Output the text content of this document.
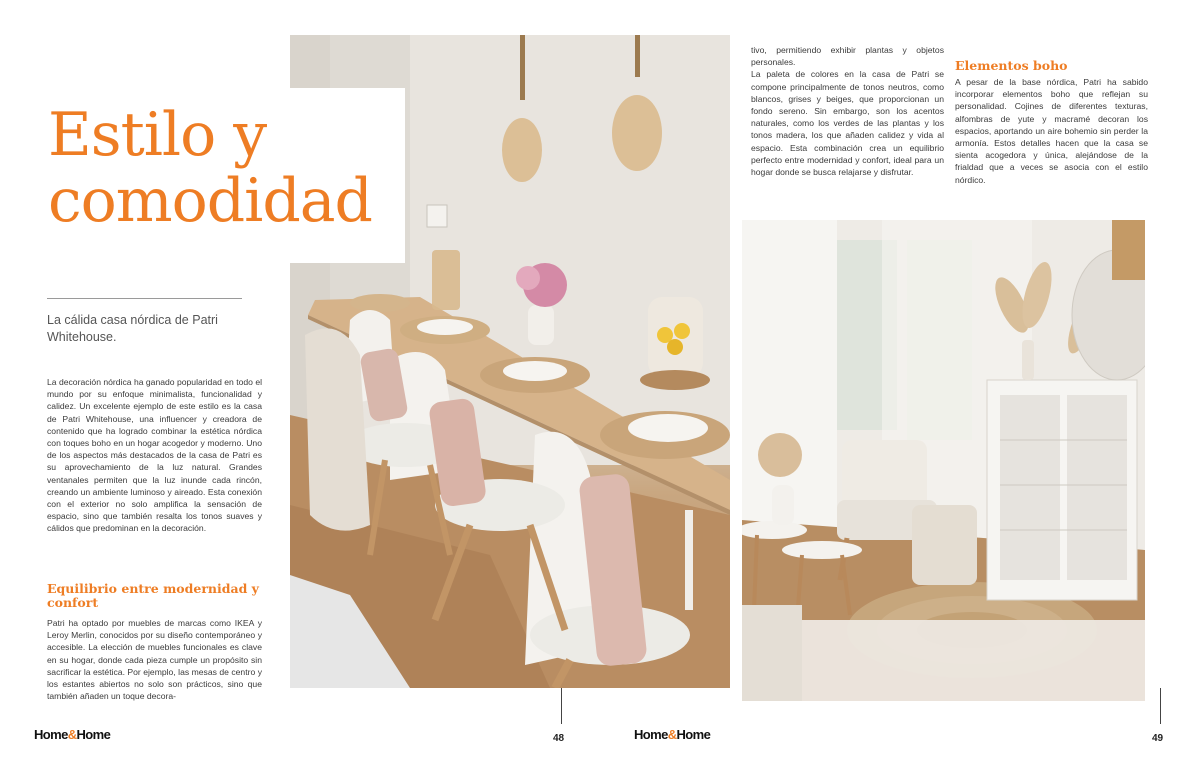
Estilo y
comodidad
La cálida casa nórdica de Patri Whitehouse.

La decoración nórdica ha ganado popularidad en todo el mundo por su enfoque minimalista, funcionalidad y calidez. Un excelente ejemplo de este estilo es la casa de Patri Whitehouse, una influencer y creadora de contenido que ha logrado combinar la estética nórdica con toques boho en un hogar acogedor y moderno. Uno de los aspectos más destacados de la casa de Patri es su aprovechamiento de la luz natural. Grandes ventanales permiten que la luz inunde cada rincón, creando un ambiente luminoso y aireado. Esta conexión con el exterior no solo amplifica la sensación de espacio, sino que también resalta los tonos suaves y cálidos que predominan en la decoración.

Equilibrio entre modernidad y confort

Patri ha optado por muebles de marcas como IKEA y Leroy Merlin, conocidos por su diseño contemporáneo y accesible. La elección de muebles funcionales es clave en su hogar, donde cada pieza cumple un propósito sin sacrificar la estética. Por ejemplo, las mesas de centro y los estantes abiertos no solo son prácticos, sino que también añaden un toque decora-

tivo, permitiendo exhibir plantas y objetos personales.

La paleta de colores en la casa de Patri se compone principalmente de tonos neutros, como blancos, grises y beiges, que proporcionan un fondo sereno. Sin embargo, son los acentos naturales, como los verdes de las plantas y los tonos madera, los que añaden calidez y vida al espacio. Esta combinación crea un equilibrio perfecto entre modernidad y confort, ideal para un hogar donde se busca relajarse y disfrutar.

Elementos boho

A pesar de la base nórdica, Patri ha sabido incorporar elementos boho que reflejan su personalidad. Cojines de diferentes texturas, alfombras de yute y macramé decoran los espacios, aportando un aire bohemio sin perder la armonía. Estos detalles hacen que la casa se sienta acogedora y única, alejándose de la frialdad que a veces se asocia con el estilo nórdico.

Home&Home	48	Home&Home	49
